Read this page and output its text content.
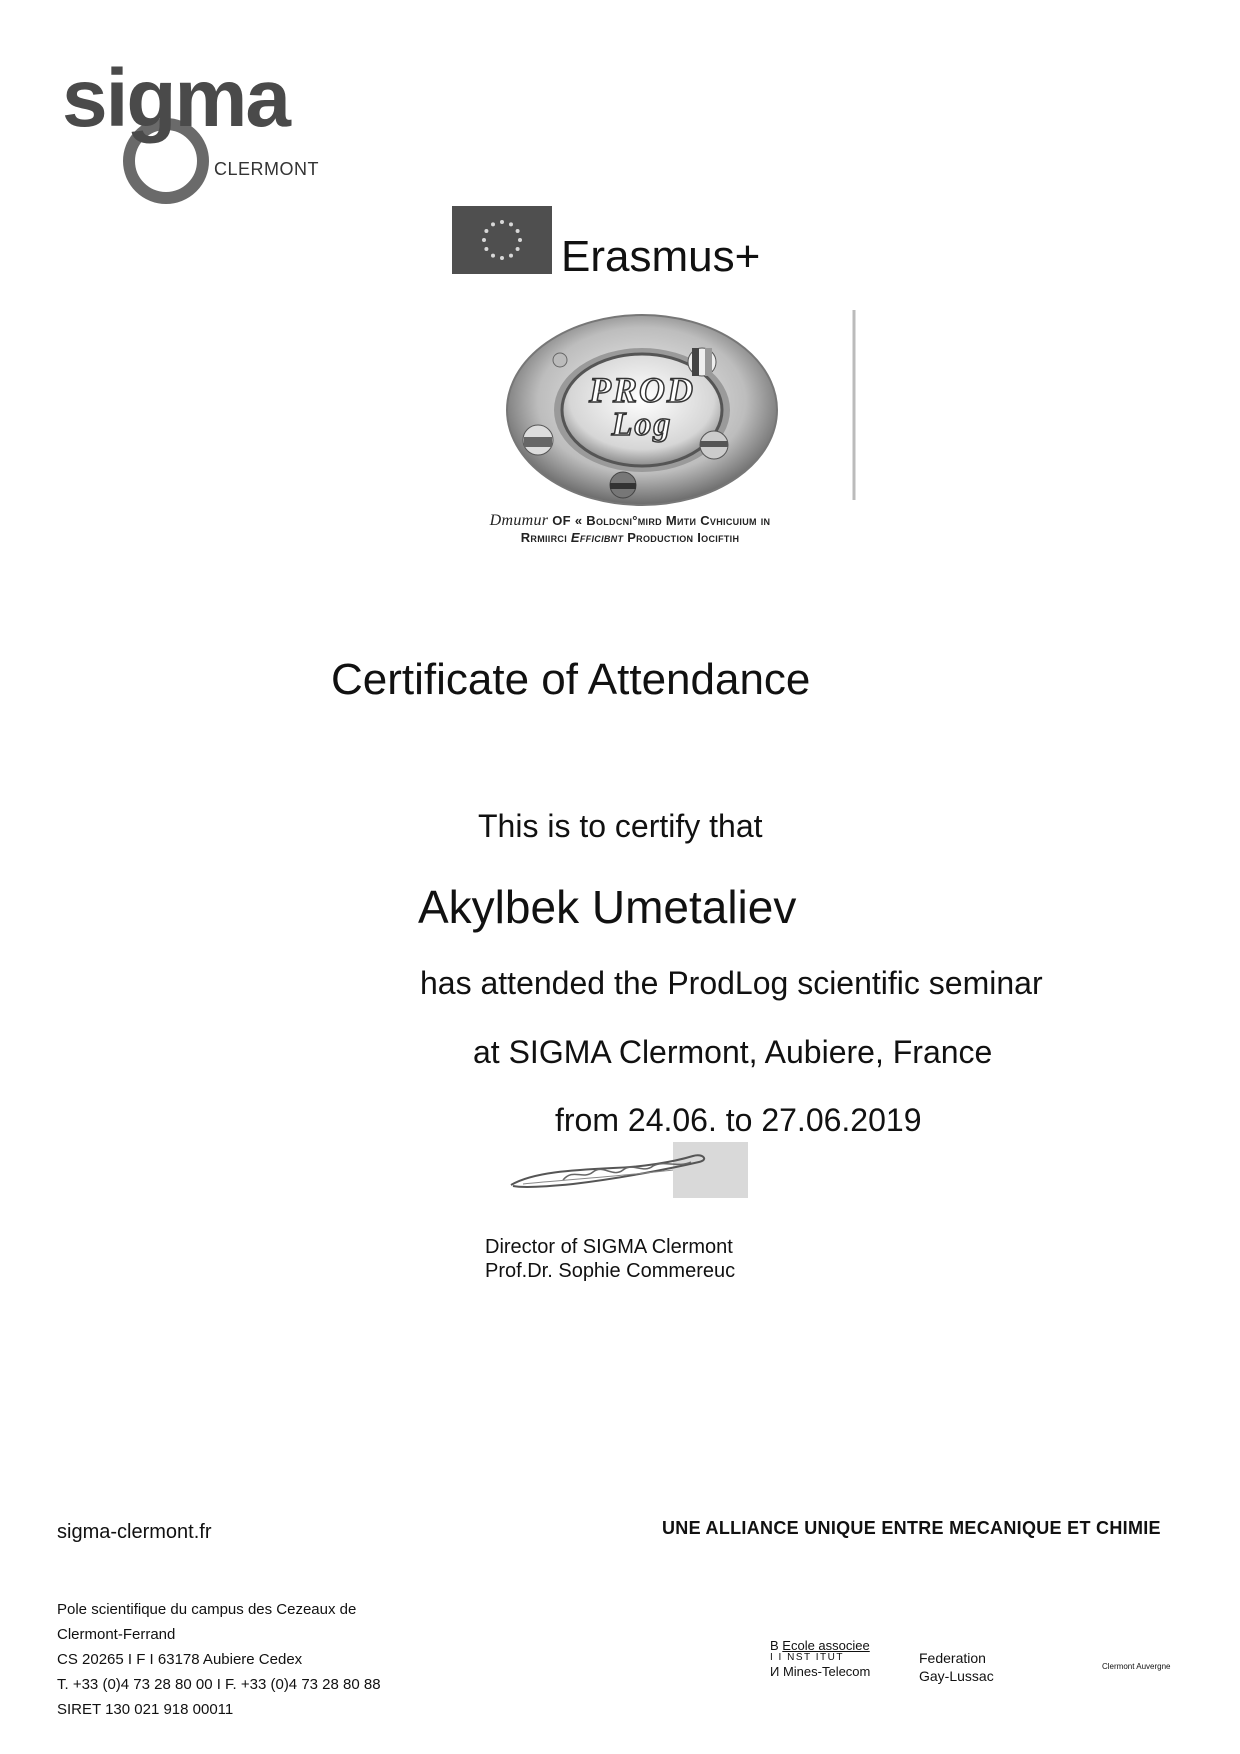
sigma
CLERMONT
Erasmus+
PROD
Log
Dmumur OF « Boldcni°mird Мити Cvhicuium in
Rrmiirci Efficibnt Production Iociftih
Certificate of Attendance
This is to certify that
Akylbek Umetaliev
has attended the ProdLog scientific seminar
at SIGMA Clermont, Aubiere, France
from 24.06. to 27.06.2019
Director of SIGMA Clermont
Prof.Dr. Sophie Commereuc
sigma-clermont.fr	UNE ALLIANCE UNIQUE ENTRE MECANIQUE ET CHIMIE
Pole scientifique du campus des Cezeaux de
Clermont-Ferrand
CS 20265 I F I 63178 Aubiere Cedex
T. +33 (0)4 73 28 80 00 I F. +33 (0)4 73 28 80 88
SIRET 130 021 918 00011
B Ecole associee
I I NST ITUT
И Mines-Telecom
Federation
Gay-Lussac
Clermont Auvergne
